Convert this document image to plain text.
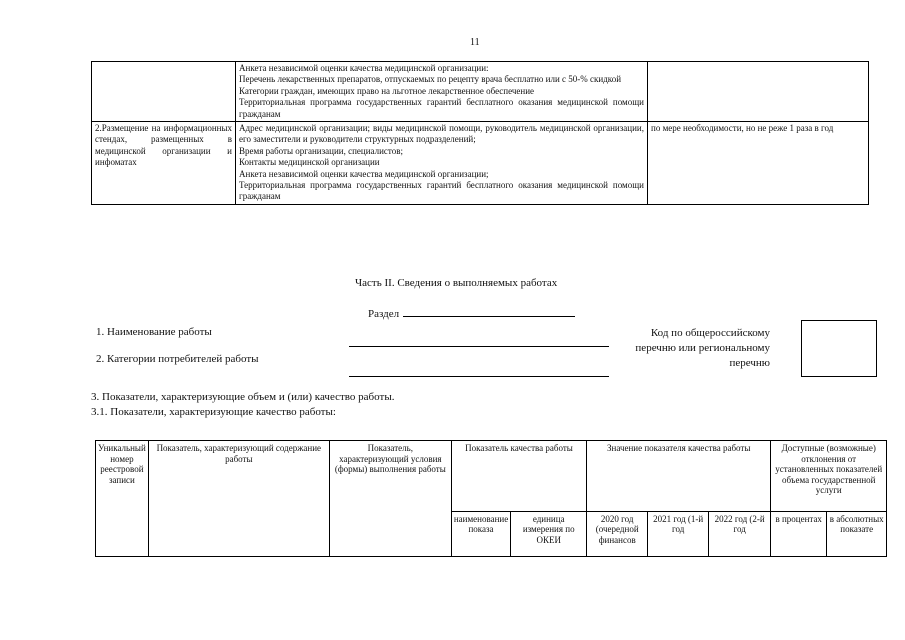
11

	Анкета независимой оценки качества медицинской организации:
Перечень лекарственных препаратов, отпускаемых по рецепту врача бесплатно или с 50-% скидкой
Категории граждан, имеющих право на льготное лекарственное обеспечение
Территориальная программа государственных гарантий бесплатного оказания медицинской помощи гражданам	

2.Размещение на информационных стендах, размещенных в медицинской организации и инфоматах	Адрес медицинской организации; виды медицинской помощи, руководитель медицинской организации, его заместители и руководители структурных подразделений;
Время работы организации, специалистов;
Контакты медицинской организации
Анкета независимой оценки качества медицинской организации;
Территориальная программа государственных гарантий бесплатного оказания медицинской помощи гражданам	по мере необходимости, но не реже 1 раза в год
Часть II. Сведения о выполняемых работах
Раздел
1. Наименование работы
2. Категории потребителей работы
Код по общероссийскому перечню или региональному перечню
3. Показатели, характеризующие объем и (или) качество работы.
3.1. Показатели, характеризующие качество работы:
Уникальный номер реестровой записи	Показатель, характеризующий содержание работы	Показатель, характеризующий условия (формы) выполнения работы	Показатель качества работы		Значение показателя качества работы			Доступные (возможные) отклонения от установленных показателей объема государственной услуги	
			наименование показа	единица измерения по ОКЕИ	2020 год (очередной финансов	2021 год (1-й год	2022 год (2-й год	в процентах	в абсолютных показате
